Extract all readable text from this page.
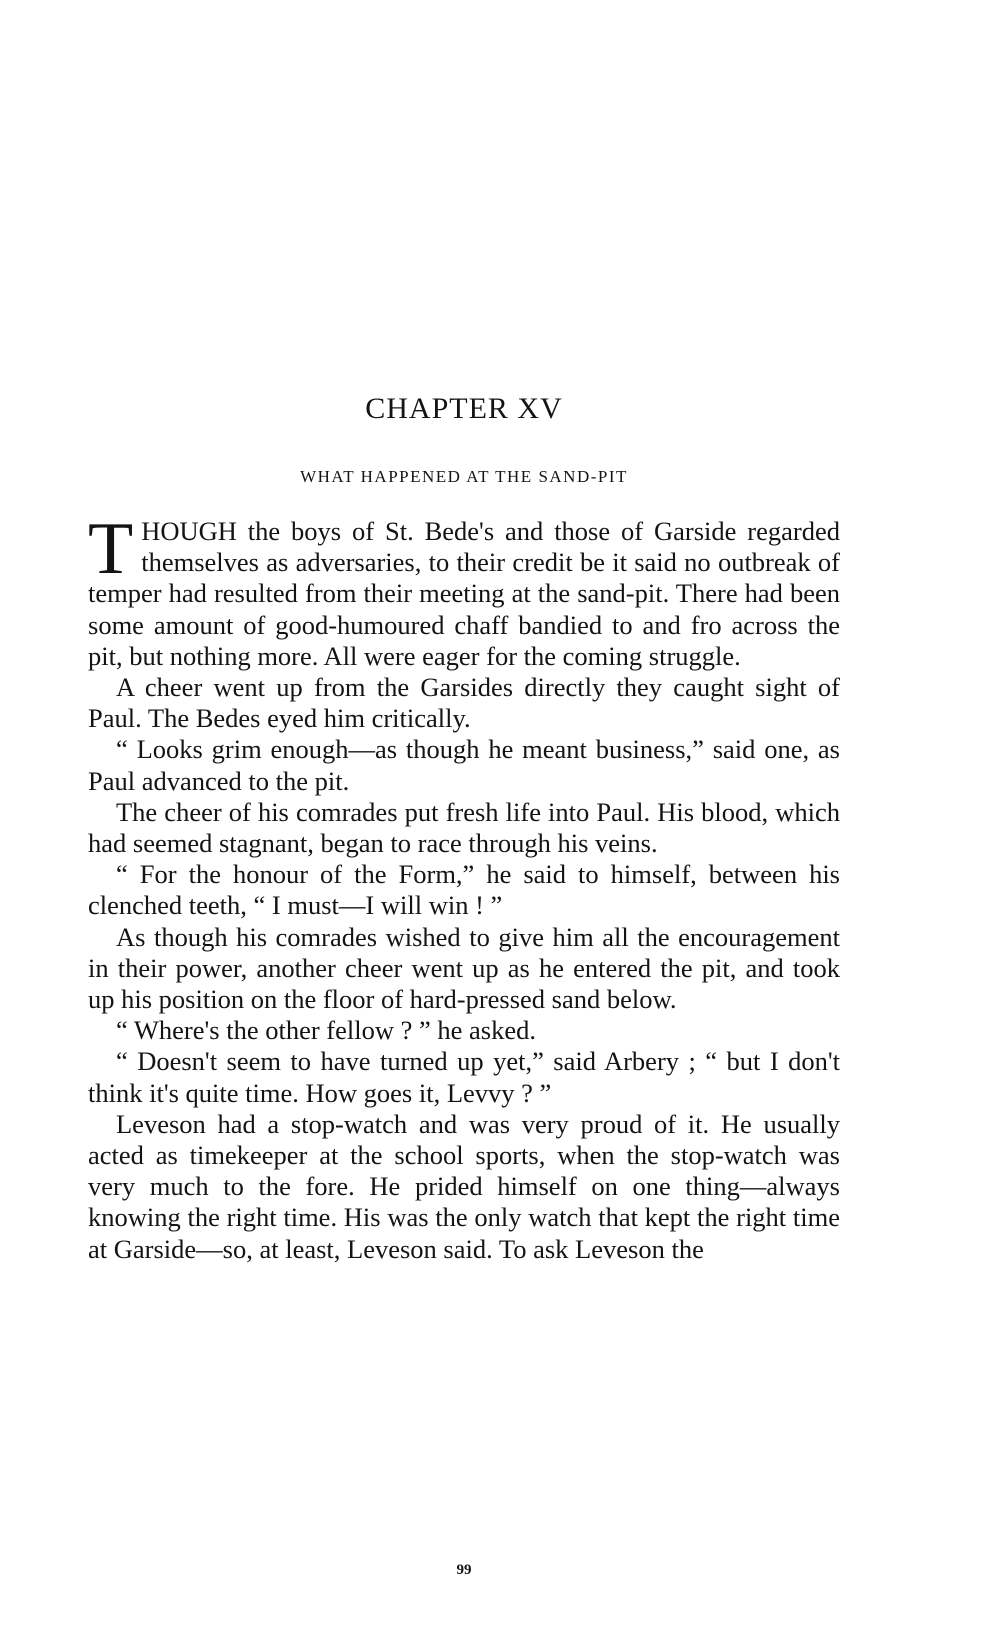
CHAPTER XV
WHAT HAPPENED AT THE SAND-PIT

THOUGH the boys of St. Bede's and those of Garside regarded themselves as adversaries, to their credit be it said no outbreak of temper had resulted from their meeting at the sand-pit. There had been some amount of good-humoured chaff bandied to and fro across the pit, but nothing more. All were eager for the coming struggle.

A cheer went up from the Garsides directly they caught sight of Paul. The Bedes eyed him critically.

“ Looks grim enough—as though he meant business,” said one, as Paul advanced to the pit.

The cheer of his comrades put fresh life into Paul. His blood, which had seemed stagnant, began to race through his veins.

“ For the honour of the Form,” he said to himself, between his clenched teeth, “ I must—I will win ! ”

As though his comrades wished to give him all the encouragement in their power, another cheer went up as he entered the pit, and took up his position on the floor of hard-pressed sand below.

“ Where's the other fellow ? ” he asked.

“ Doesn't seem to have turned up yet,” said Arbery ; “ but I don't think it's quite time. How goes it, Levvy ? ”

Leveson had a stop-watch and was very proud of it. He usually acted as timekeeper at the school sports, when the stop-watch was very much to the fore. He prided himself on one thing—always knowing the right time. His was the only watch that kept the right time at Garside—so, at least, Leveson said. To ask Leveson the

99
